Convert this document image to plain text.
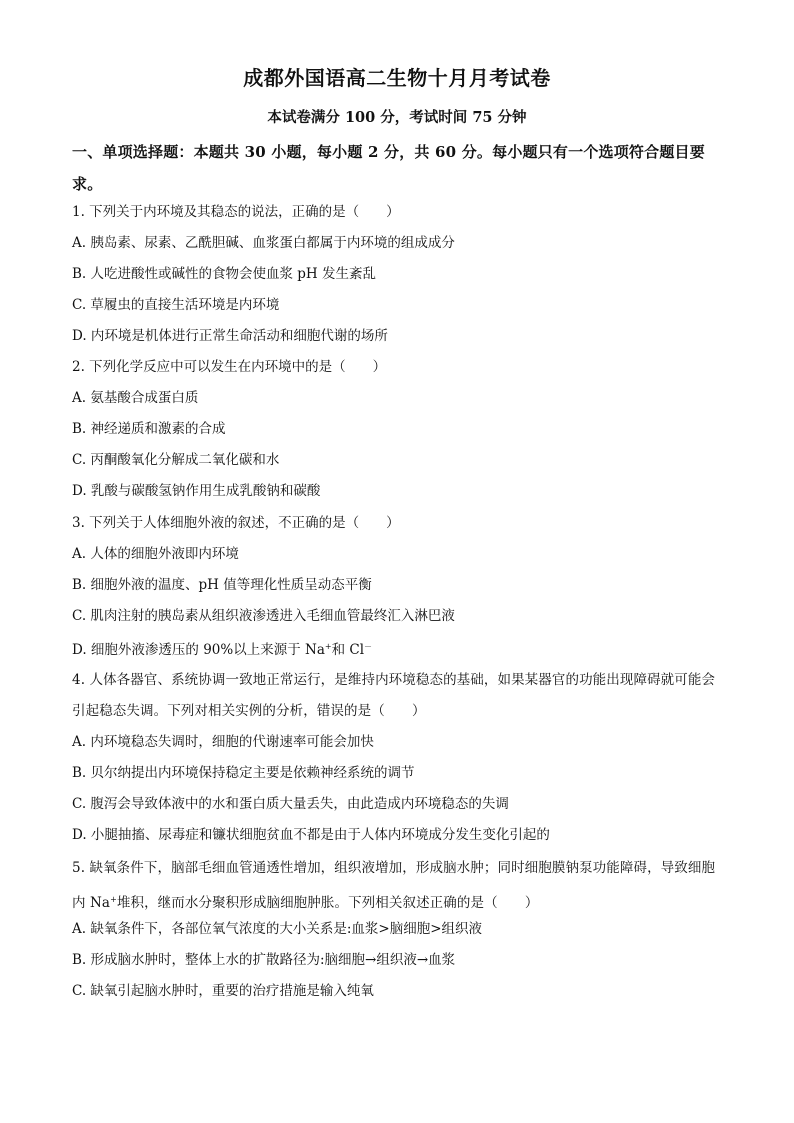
成都外国语高二生物十月月考试卷
本试卷满分 100 分，考试时间 75 分钟
一、单项选择题：本题共 30 小题，每小题 2 分，共 60 分。每小题只有一个选项符合题目要求。
1. 下列关于内环境及其稳态的说法，正确的是（　　）
A. 胰岛素、尿素、乙酰胆碱、血浆蛋白都属于内环境的组成成分
B. 人吃进酸性或碱性的食物会使血浆 pH 发生紊乱
C. 草履虫的直接生活环境是内环境
D. 内环境是机体进行正常生命活动和细胞代谢的场所
2. 下列化学反应中可以发生在内环境中的是（　　）
A. 氨基酸合成蛋白质
B. 神经递质和激素的合成
C. 丙酮酸氧化分解成二氧化碳和水
D. 乳酸与碳酸氢钠作用生成乳酸钠和碳酸
3. 下列关于人体细胞外液的叙述，不正确的是（　　）
A. 人体的细胞外液即内环境
B. 细胞外液的温度、pH 值等理化性质呈动态平衡
C. 肌肉注射的胰岛素从组织液渗透进入毛细血管最终汇入淋巴液
D. 细胞外液渗透压的 90%以上来源于 Na+和 Cl－
4. 人体各器官、系统协调一致地正常运行，是维持内环境稳态的基础，如果某器官的功能出现障碍就可能会引起稳态失调。下列对相关实例的分析，错误的是（　　）
A. 内环境稳态失调时，细胞的代谢速率可能会加快
B. 贝尔纳提出内环境保持稳定主要是依赖神经系统的调节
C. 腹泻会导致体液中的水和蛋白质大量丢失，由此造成内环境稳态的失调
D. 小腿抽搐、尿毒症和镰状细胞贫血不都是由于人体内环境成分发生变化引起的
5. 缺氧条件下，脑部毛细血管通透性增加，组织液增加，形成脑水肿；同时细胞膜钠泵功能障碍，导致细胞内 Na+堆积，继而水分聚积形成脑细胞肿胀。下列相关叙述正确的是（　　）
A. 缺氧条件下，各部位氧气浓度的大小关系是:血浆>脑细胞>组织液
B. 形成脑水肿时，整体上水的扩散路径为:脑细胞→组织液→血浆
C. 缺氧引起脑水肿时，重要的治疗措施是输入纯氧
